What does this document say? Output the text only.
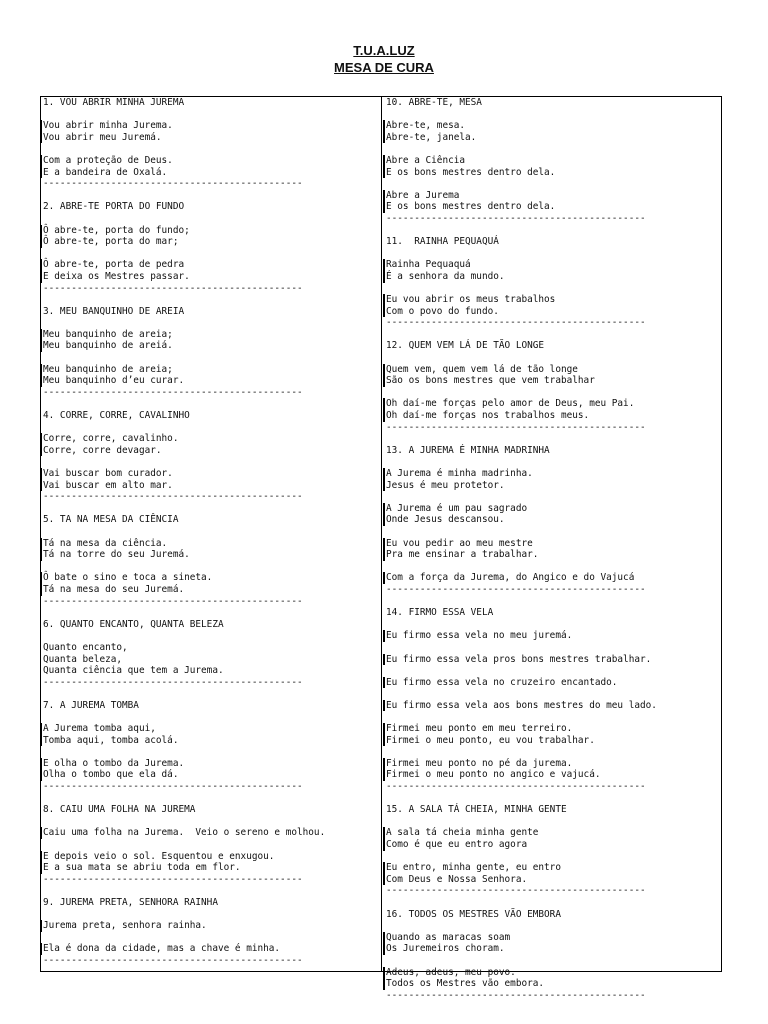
T.U.A.LUZ
MESA DE CURA
1. VOU ABRIR MINHA JUREMA
Vou abrir minha Jurema.
Vou abrir meu Juremá.
Com a proteção de Deus.
E a bandeira de Oxalá.
----------------------------------------------
2. ABRE-TE PORTA DO FUNDO
Ô abre-te, porta do fundo;
Ô abre-te, porta do mar;
Ô abre-te, porta de pedra
E deixa os Mestres passar.
----------------------------------------------
3. MEU BANQUINHO DE AREIA
Meu banquinho de areia;
Meu banquinho de areiá.
Meu banquinho de areia;
Meu banquinho d’eu curar.
----------------------------------------------
4. CORRE, CORRE, CAVALINHO
Corre, corre, cavalinho.
Corre, corre devagar.
Vai buscar bom curador.
Vai buscar em alto mar.
----------------------------------------------
5. TA NA MESA DA CIÊNCIA
Tá na mesa da ciência.
Tá na torre do seu Juremá.
Ô bate o sino e toca a sineta.
Tá na mesa do seu Juremá.
----------------------------------------------
6. QUANTO ENCANTO, QUANTA BELEZA
Quanto encanto,
Quanta beleza,
Quanta ciência que tem a Jurema.
----------------------------------------------
7. A JUREMA TOMBA
A Jurema tomba aqui,
Tomba aqui, tomba acolá.
E olha o tombo da Jurema.
Olha o tombo que ela dá.
----------------------------------------------
8. CAIU UMA FOLHA NA JUREMA
Caiu uma folha na Jurema.  Veio o sereno e molhou.
E depois veio o sol. Esquentou e enxugou.
E a sua mata se abriu toda em flor.
----------------------------------------------
9. JUREMA PRETA, SENHORA RAINHA
Jurema preta, senhora rainha.
Ela é dona da cidade, mas a chave é minha.
----------------------------------------------
10. ABRE-TE, MESA
Abre-te, mesa.
Abre-te, janela.
Abre a Ciência
E os bons mestres dentro dela.
Abre a Jurema
E os bons mestres dentro dela.
----------------------------------------------
11.  RAINHA PEQUAQUÁ
Rainha Pequaquá
É a senhora da mundo.
Eu vou abrir os meus trabalhos
Com o povo do fundo.
----------------------------------------------
12. QUEM VEM LÁ DE TÃO LONGE
Quem vem, quem vem lá de tão longe
São os bons mestres que vem trabalhar
Oh daí-me forças pelo amor de Deus, meu Pai.
Oh daí-me forças nos trabalhos meus.
----------------------------------------------
13. A JUREMA É MINHA MADRINHA
A Jurema é minha madrinha.
Jesus é meu protetor.
A Jurema é um pau sagrado
Onde Jesus descansou.
Eu vou pedir ao meu mestre
Pra me ensinar a trabalhar.
Com a força da Jurema, do Angico e do Vajucá
----------------------------------------------
14. FIRMO ESSA VELA
Eu firmo essa vela no meu juremá.
Eu firmo essa vela pros bons mestres trabalhar.
Eu firmo essa vela no cruzeiro encantado.
Eu firmo essa vela aos bons mestres do meu lado.
Firmei meu ponto em meu terreiro.
Firmei o meu ponto, eu vou trabalhar.
Firmei meu ponto no pé da jurema.
Firmei o meu ponto no angico e vajucá.
----------------------------------------------
15. A SALA TÁ CHEIA, MINHA GENTE
A sala tá cheia minha gente
Como é que eu entro agora
Eu entro, minha gente, eu entro
Com Deus e Nossa Senhora.
----------------------------------------------
16. TODOS OS MESTRES VÃO EMBORA
Quando as maracas soam
Os Juremeiros choram.
Adeus, adeus, meu povo.
Todos os Mestres vão embora.
----------------------------------------------
